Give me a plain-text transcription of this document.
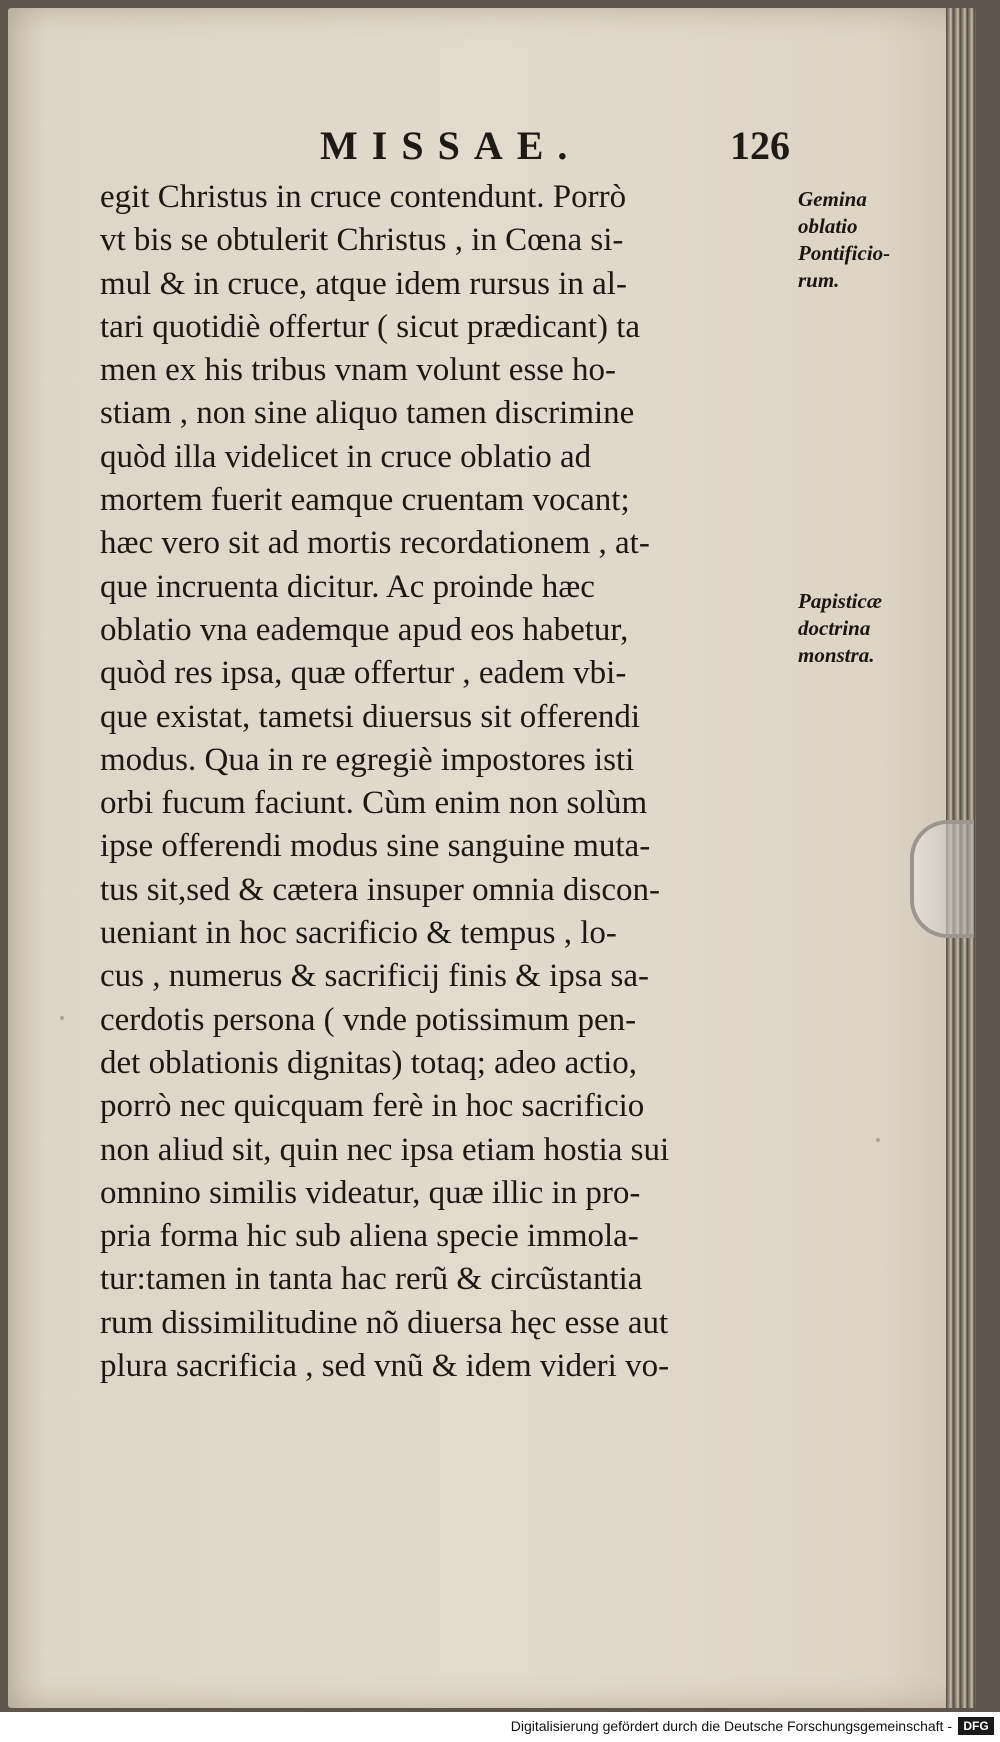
MISSAE.	126
egit Christus in cruce contendunt. Porrò
vt bis se obtulerit Christus , in Cœna si-
mul & in cruce, atque idem rursus in al-
tari quotidiè offertur ( sicut prædicant) ta
men ex his tribus vnam volunt esse ho-
stiam , non sine aliquo tamen discrimine
quòd illa videlicet in cruce oblatio ad
mortem fuerit eamque cruentam vocant;
hæc vero sit ad mortis recordationem , at-
que incruenta dicitur. Ac proinde hæc
oblatio vna eademque apud eos habetur,
quòd res ipsa, quæ offertur , eadem vbi-
que existat, tametsi diuersus sit offerendi
modus. Qua in re egregiè impostores isti
orbi fucum faciunt. Cùm enim non solùm
ipse offerendi modus sine sanguine muta-
tus sit,sed & cætera insuper omnia discon-
ueniant in hoc sacrificio & tempus , lo-
cus , numerus & sacrificij finis & ipsa sa-
cerdotis persona ( vnde potissimum pen-
det oblationis dignitas) totaq; adeo actio,
porrò nec quicquam ferè in hoc sacrificio
non aliud sit, quin nec ipsa etiam hostia sui
omnino similis videatur, quæ illic in pro-
pria forma hic sub aliena specie immola-
tur:tamen in tanta hac rerũ & circũstantia
rum dissimilitudine nõ diuersa hęc esse aut
plura sacrificia , sed vnũ & idem videri vo-
Gemina
oblatio
Pontificio-
rum.
Papisticæ
doctrina
monstra.
Digitalisierung gefördert durch die Deutsche Forschungsgemeinschaft - DFG
